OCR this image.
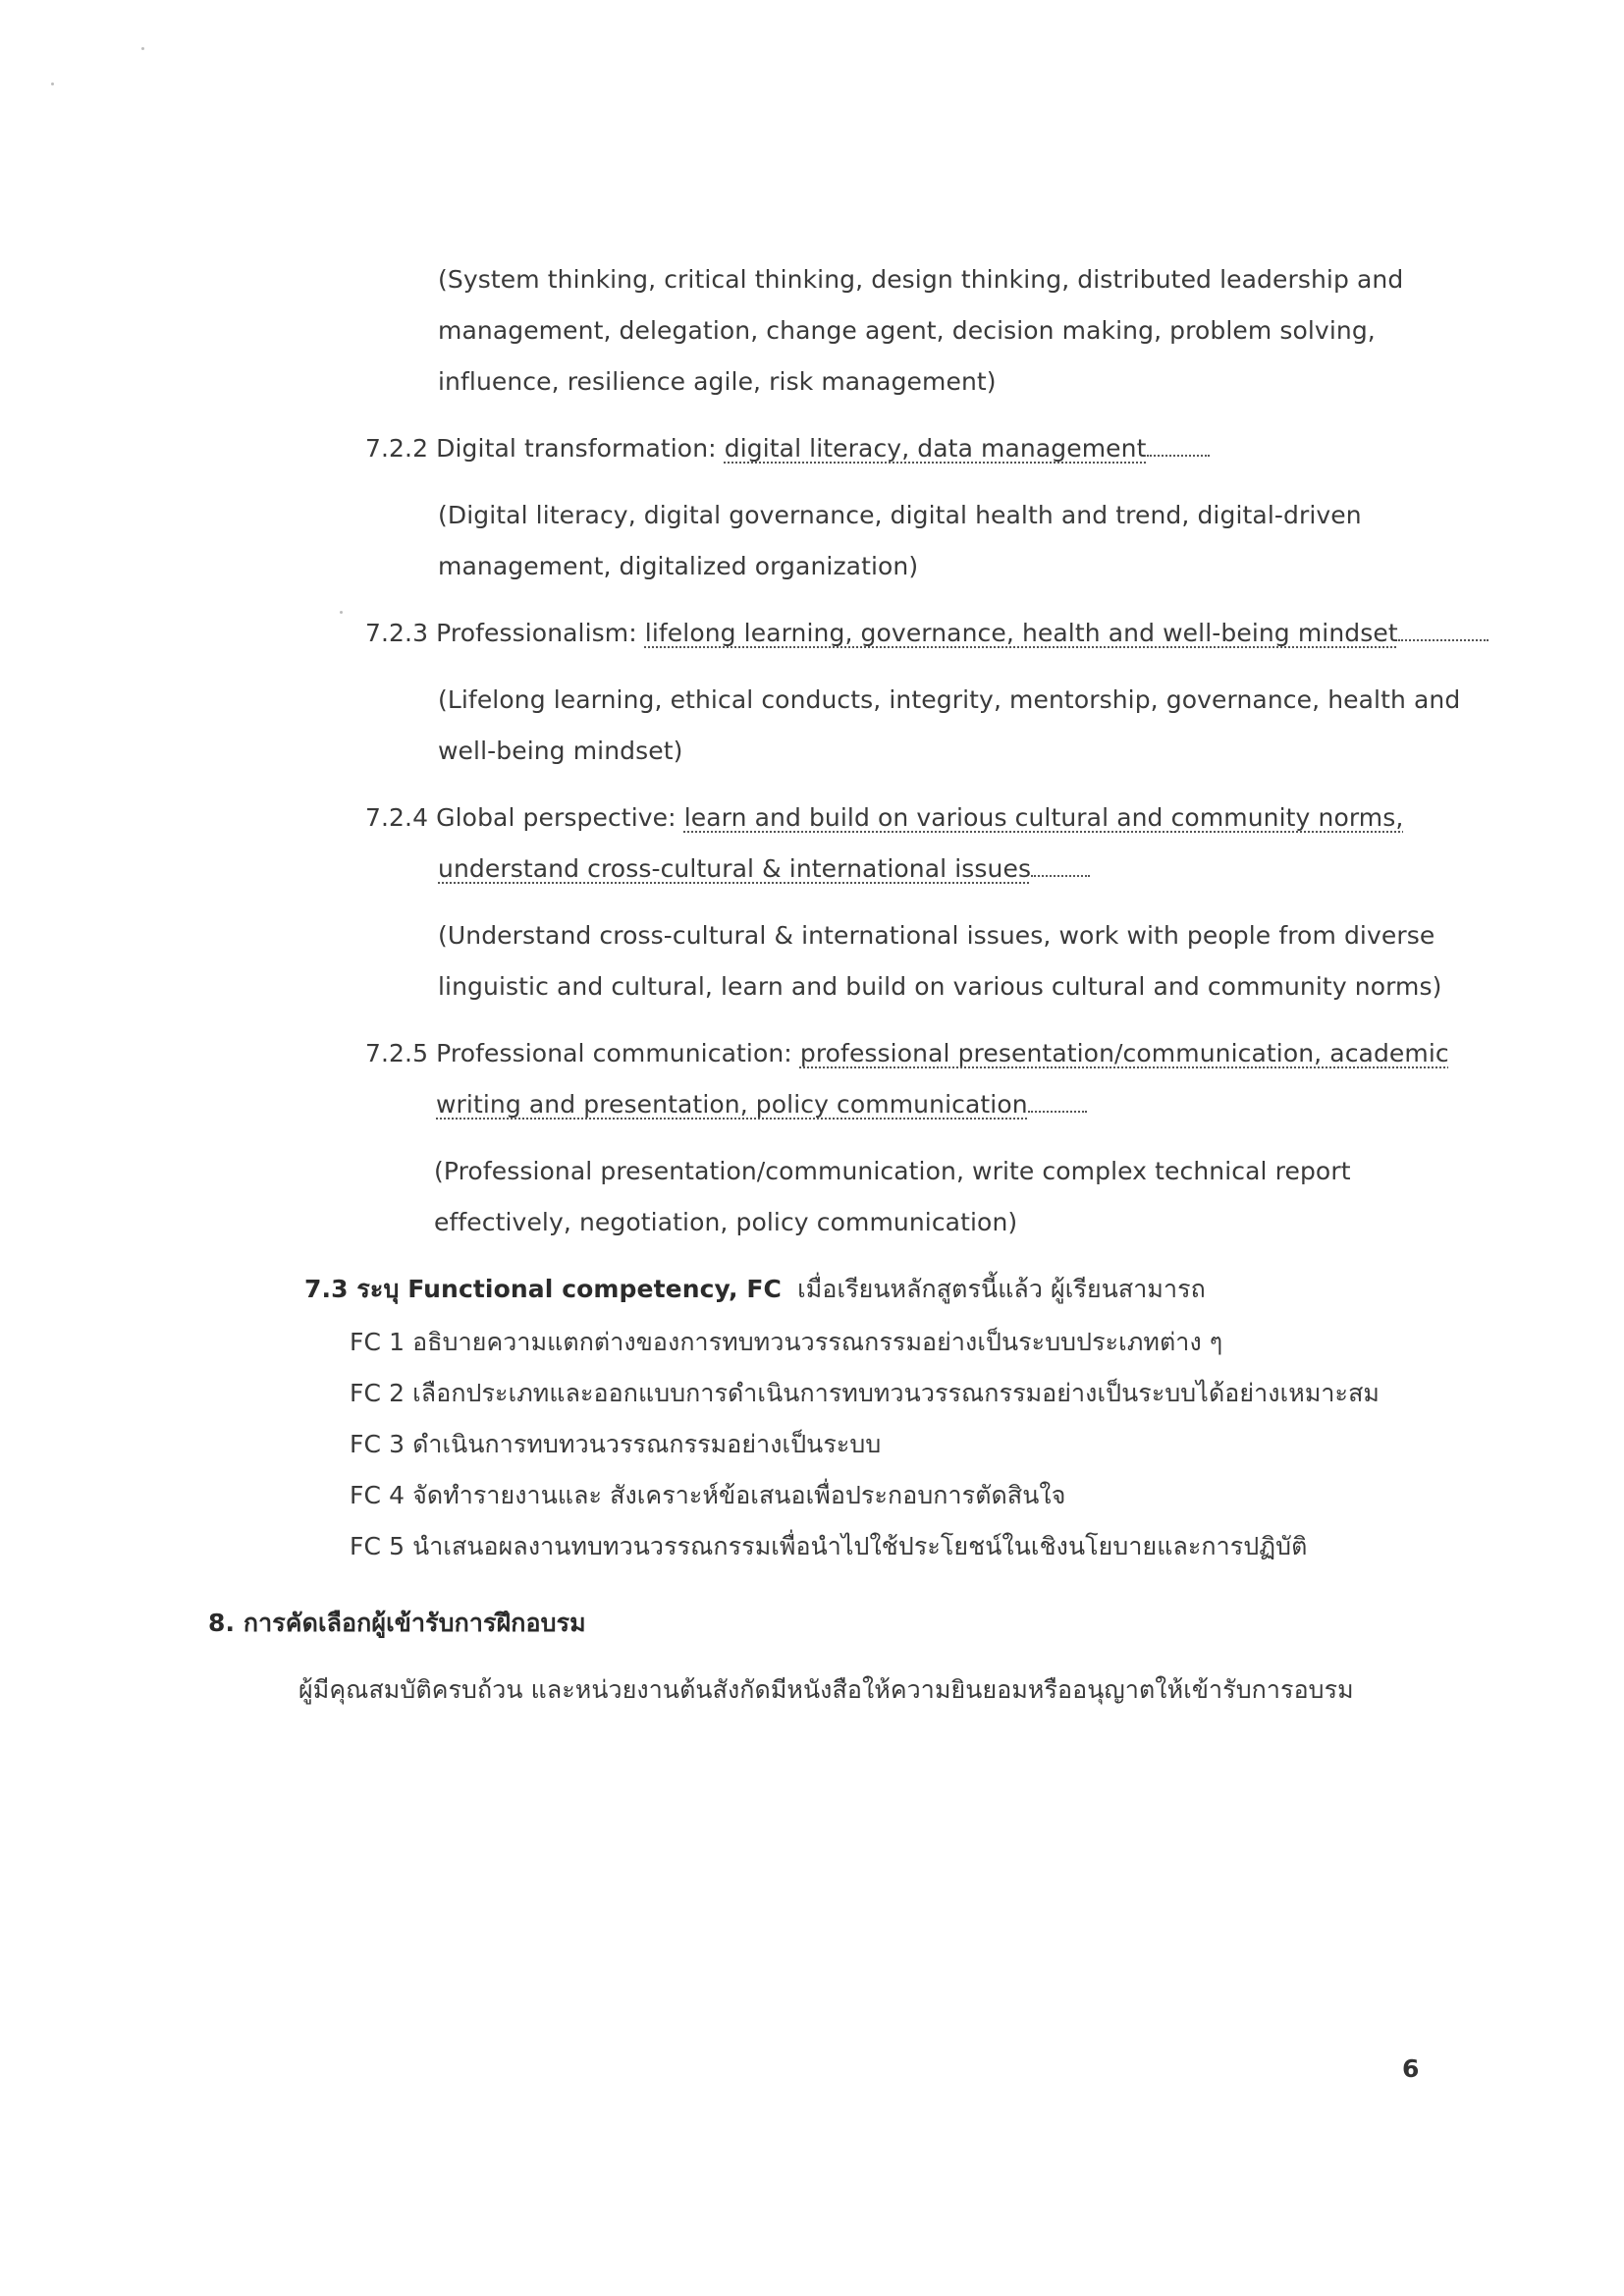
(System thinking, critical thinking, design thinking, distributed leadership and
management, delegation, change agent, decision making, problem solving,
influence, resilience agile, risk management)
7.2.2 Digital transformation: digital literacy, data management
(Digital literacy, digital governance, digital health and trend, digital-driven
management, digitalized organization)
7.2.3 Professionalism: lifelong learning, governance, health and well-being mindset
(Lifelong learning, ethical conducts, integrity, mentorship, governance, health and
well-being mindset)
7.2.4 Global perspective: learn and build on various cultural and community norms,
understand cross-cultural & international issues
(Understand cross-cultural & international issues, work with people from diverse
linguistic and cultural, learn and build on various cultural and community norms)
7.2.5 Professional communication: professional presentation/communication, academic
writing and presentation, policy communication
(Professional presentation/communication, write complex technical report
effectively, negotiation, policy communication)
7.3 ระบุ Functional competency, FC เมื่อเรียนหลักสูตรนี้แล้ว ผู้เรียนสามารถ
FC 1 อธิบายความแตกต่างของการทบทวนวรรณกรรมอย่างเป็นระบบประเภทต่าง ๆ
FC 2 เลือกประเภทและออกแบบการดำเนินการทบทวนวรรณกรรมอย่างเป็นระบบได้อย่างเหมาะสม
FC 3 ดำเนินการทบทวนวรรณกรรมอย่างเป็นระบบ
FC 4 จัดทำรายงานและ สังเคราะห์ข้อเสนอเพื่อประกอบการตัดสินใจ
FC 5 นำเสนอผลงานทบทวนวรรณกรรมเพื่อนำไปใช้ประโยชน์ในเชิงนโยบายและการปฏิบัติ
8. การคัดเลือกผู้เข้ารับการฝึกอบรม
ผู้มีคุณสมบัติครบถ้วน และหน่วยงานต้นสังกัดมีหนังสือให้ความยินยอมหรืออนุญาตให้เข้ารับการอบรม
6
